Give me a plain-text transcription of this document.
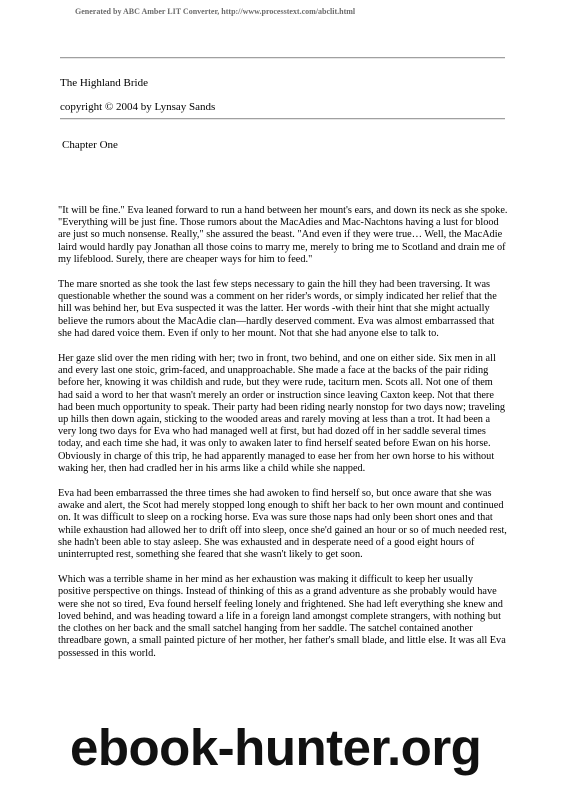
Generated by ABC Amber LIT Converter, http://www.processtext.com/abclit.html
The Highland Bride
copyright © 2004 by Lynsay Sands
Chapter One

"It will be fine." Eva leaned forward to run a hand between her mount's ears, and down its neck as she spoke. "Everything will be just fine. Those rumors about the MacAdies and Mac-Nachtons having a lust for blood are just so much nonsense. Really," she assured the beast. "And even if they were true… Well, the MacAdie laird would hardly pay Jonathan all those coins to marry me, merely to bring me to Scotland and drain me of my lifeblood. Surely, there are cheaper ways for him to feed."

The mare snorted as she took the last few steps necessary to gain the hill they had been traversing. It was questionable whether the sound was a comment on her rider's words, or simply indicated her relief that the hill was behind her, but Eva suspected it was the latter. Her words -with their hint that she might actually believe the rumors about the MacAdie clan—hardly deserved comment. Eva was almost embarrassed that she had dared voice them. Even if only to her mount. Not that she had anyone else to talk to.

Her gaze slid over the men riding with her; two in front, two behind, and one on either side. Six men in all and every last one stoic, grim-faced, and unapproachable. She made a face at the backs of the pair riding before her, knowing it was childish and rude, but they were rude, taciturn men. Scots all. Not one of them had said a word to her that wasn't merely an order or instruction since leaving Caxton keep. Not that there had been much opportunity to speak. Their party had been riding nearly nonstop for two days now; traveling up hills then down again, sticking to the wooded areas and rarely moving at less than a trot. It had been a very long two days for Eva who had managed well at first, but had dozed off in her saddle several times today, and each time she had, it was only to awaken later to find herself seated before Ewan on his horse. Obviously in charge of this trip, he had apparently managed to ease her from her own horse to his without waking her, then had cradled her in his arms like a child while she napped.

Eva had been embarrassed the three times she had awoken to find herself so, but once aware that she was awake and alert, the Scot had merely stopped long enough to shift her back to her own mount and continued on. It was difficult to sleep on a rocking horse. Eva was sure those naps had only been short ones and that while exhaustion had allowed her to drift off into sleep, once she'd gained an hour or so of much needed rest, she hadn't been able to stay asleep. She was exhausted and in desperate need of a good eight hours of uninterrupted rest, something she feared that she wasn't likely to get soon.

Which was a terrible shame in her mind as her exhaustion was making it difficult to keep her usually positive perspective on things. Instead of thinking of this as a grand adventure as she probably would have were she not so tired, Eva found herself feeling lonely and frightened. She had left everything she knew and loved behind, and was heading toward a life in a foreign land amongst complete strangers, with nothing but the clothes on her back and the small satchel hanging from her saddle. The satchel contained another threadbare gown, a small painted picture of her mother, her father's small blade, and little else. It was all Eva possessed in this world.

ebook-hunter.org
